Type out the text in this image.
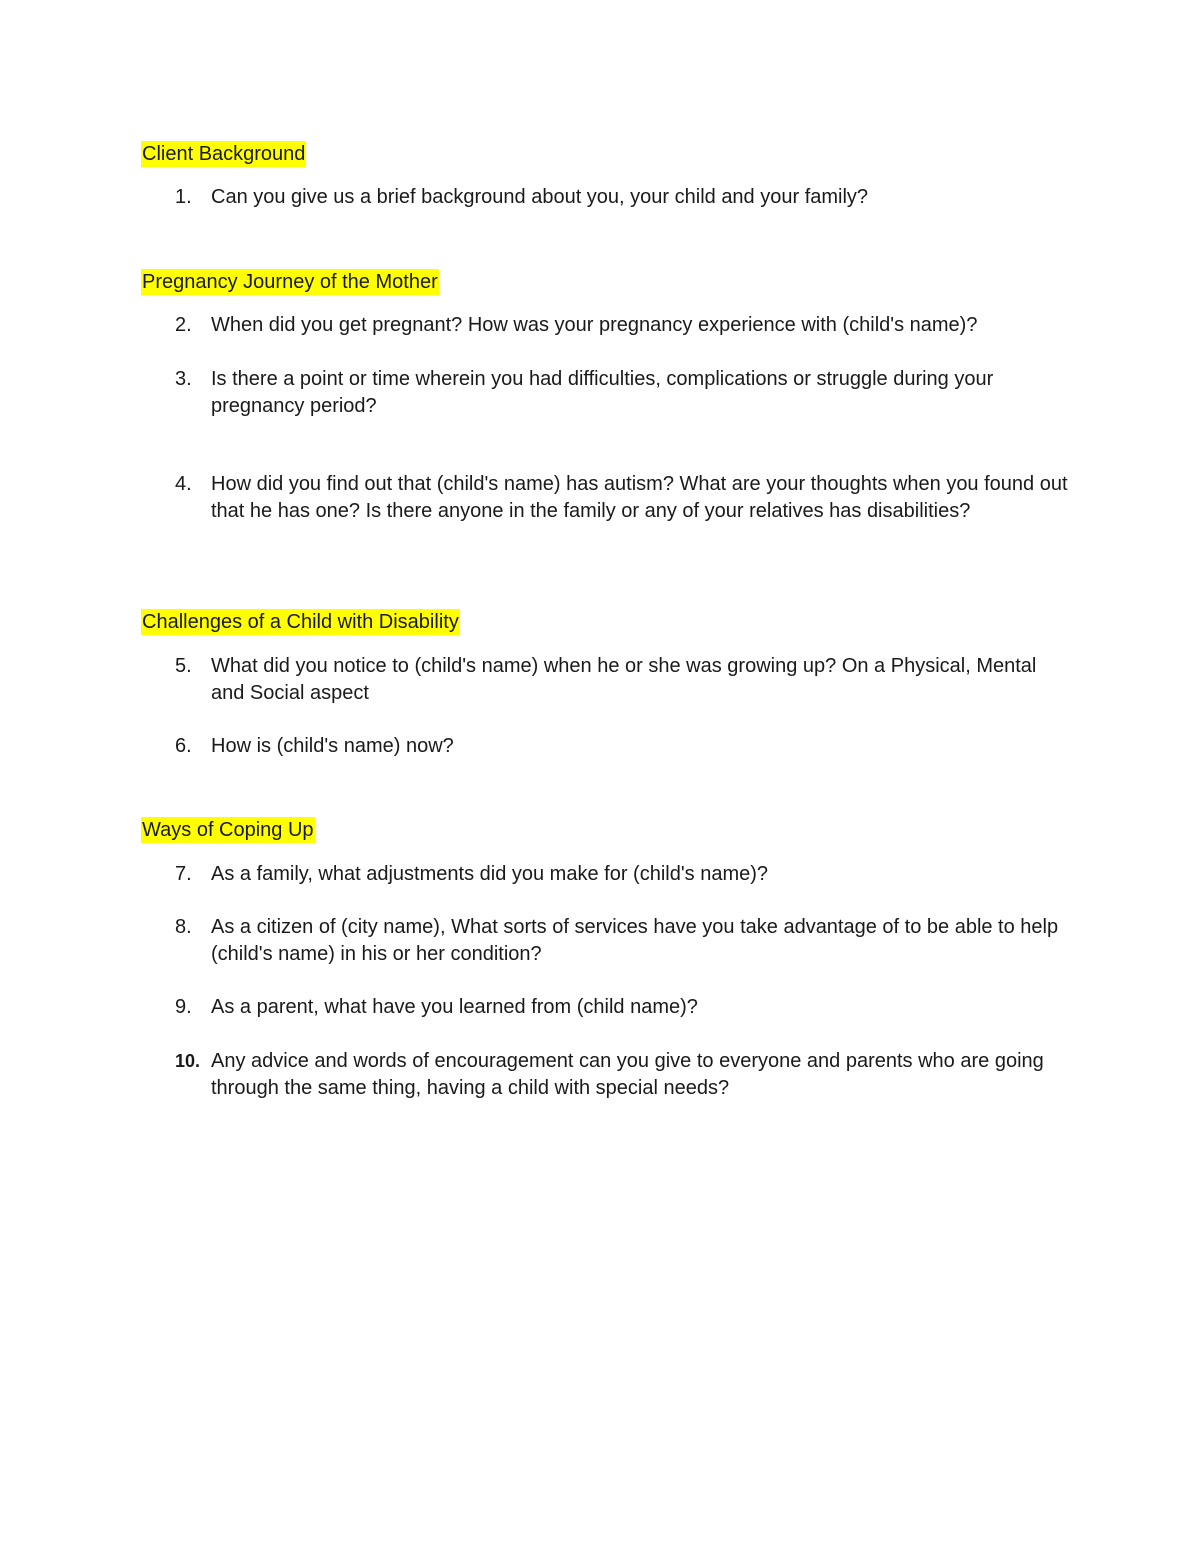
Client Background
1. Can you give us a brief background about you, your child and your family?
Pregnancy Journey of the Mother
2. When did you get pregnant? How was your pregnancy experience with (child's name)?
3. Is there a point or time wherein you had difficulties, complications or struggle during your pregnancy period?
4. How did you find out that (child's name) has autism? What are your thoughts when you found out that he has one? Is there anyone in the family or any of your relatives has disabilities?
Challenges of a Child with Disability
5. What did you notice to (child's name) when he or she was growing up? On a Physical, Mental and Social aspect
6. How is (child's name) now?
Ways of Coping Up
7. As a family, what adjustments did you make for (child's name)?
8. As a citizen of (city name), What sorts of services have you take advantage of to be able to help (child's name) in his or her condition?
9. As a parent, what have you learned from (child name)?
10. Any advice and words of encouragement can you give to everyone and parents who are going through the same thing, having a child with special needs?
